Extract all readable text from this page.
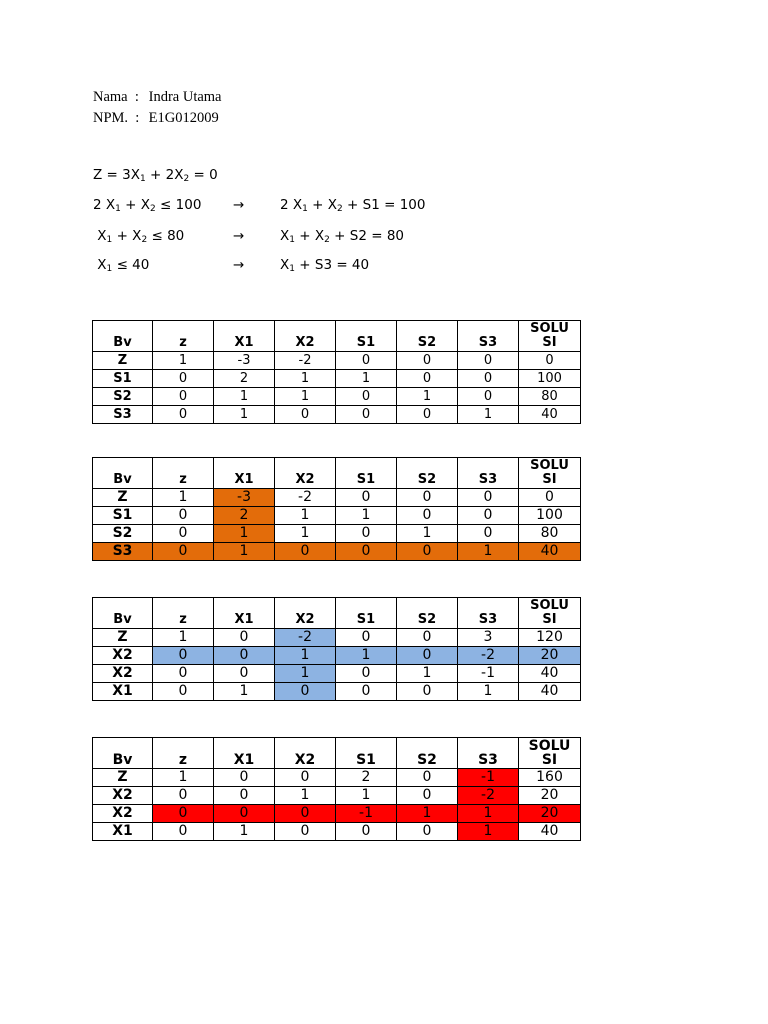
Nama  : Indra Utama
NPM.  : E1G012009
$Z = 3X_1 + 2X_2 = 0$
2 $X_1 + X_2 \le 100$ →	2 $X_1 + X_2 + S1 = 100$
$X_1 + X_2 \le 80$	→	$X_1 + X_2 + S2 = 80$
$X_1 \le 40$	→	$X_1 + S3 = 40$
Bv	z	X1	X2	S1	S2	S3	SOLU
SI
Z	1	-3	-2	0	0	0	0
S1	0	2	1	1	0	0	100
S2	0	1	1	0	1	0	80
S3	0	1	0	0	0	1	40
Bv	z	X1	X2	S1	S2	S3	SOLU
SI
Z	1	-3	-2	0	0	0	0
S1	0	2	1	1	0	0	100
S2	0	1	1	0	1	0	80
S3	0	1	0	0	0	1	40
Bv	z	X1	X2	S1	S2	S3	SOLU
SI
Z	1	0	-2	0	0	3	120
X2	0	0	1	1	0	-2	20
X2	0	0	1	0	1	-1	40
X1	0	1	0	0	0	1	40
Bv	z	X1	X2	S1	S2	S3	SOLU
SI
Z	1	0	0	2	0	-1	160
X2	0	0	1	1	0	-2	20
X2	0	0	0	-1	1	1	20
X1	0	1	0	0	0	1	40
